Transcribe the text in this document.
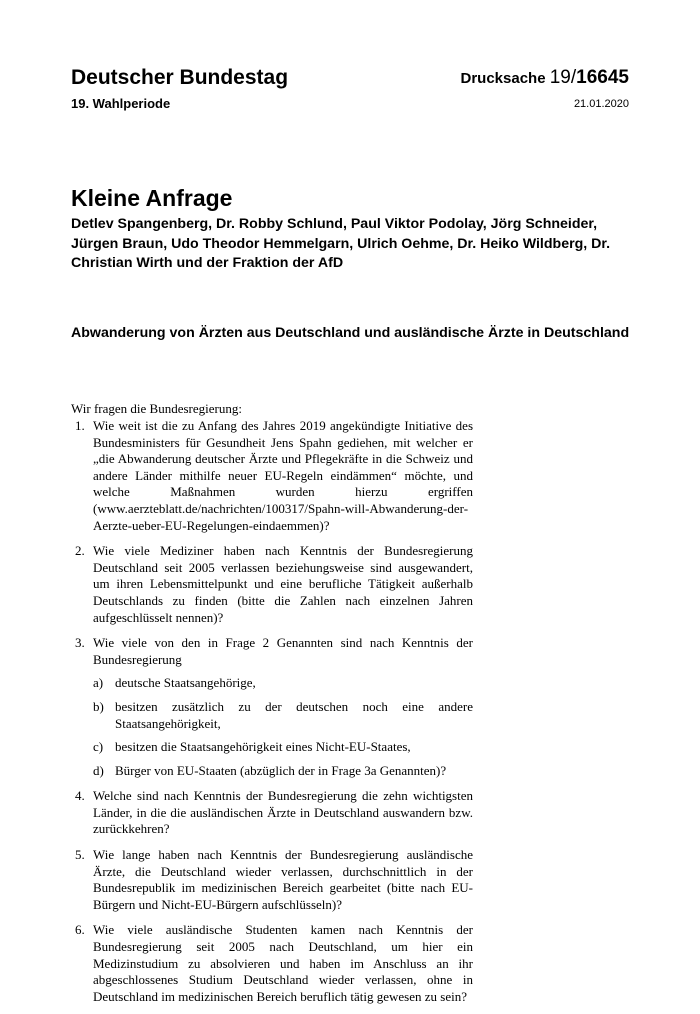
Deutscher Bundestag
19. Wahlperiode
Drucksache 19/16645
21.01.2020
Kleine Anfrage
Detlev Spangenberg, Dr. Robby Schlund, Paul Viktor Podolay, Jörg Schneider, Jürgen Braun, Udo Theodor Hemmelgarn, Ulrich Oehme, Dr. Heiko Wildberg, Dr. Christian Wirth und der Fraktion der AfD
Abwanderung von Ärzten aus Deutschland und ausländische Ärzte in Deutschland
Wir fragen die Bundesregierung:
1. Wie weit ist die zu Anfang des Jahres 2019 angekündigte Initiative des Bundesministers für Gesundheit Jens Spahn gediehen, mit welcher er „die Abwanderung deutscher Ärzte und Pflegekräfte in die Schweiz und andere Länder mithilfe neuer EU-Regeln eindämmen“ möchte, und welche Maßnahmen wurden hierzu ergriffen (www.aerzteblatt.de/nachrichten/100317/Spahn-will-Abwanderung-der-Aerzte-ueber-EU-Regelungen-eindaemmen)?
2. Wie viele Mediziner haben nach Kenntnis der Bundesregierung Deutschland seit 2005 verlassen beziehungsweise sind ausgewandert, um ihren Lebensmittelpunkt und eine berufliche Tätigkeit außerhalb Deutschlands zu finden (bitte die Zahlen nach einzelnen Jahren aufgeschlüsselt nennen)?
3. Wie viele von den in Frage 2 Genannten sind nach Kenntnis der Bundesregierung
a) deutsche Staatsangehörige,
b) besitzen zusätzlich zu der deutschen noch eine andere Staatsangehörigkeit,
c) besitzen die Staatsangehörigkeit eines Nicht-EU-Staates,
d) Bürger von EU-Staaten (abzüglich der in Frage 3a Genannten)?
4. Welche sind nach Kenntnis der Bundesregierung die zehn wichtigsten Länder, in die die ausländischen Ärzte in Deutschland auswandern bzw. zurückkehren?
5. Wie lange haben nach Kenntnis der Bundesregierung ausländische Ärzte, die Deutschland wieder verlassen, durchschnittlich in der Bundesrepublik im medizinischen Bereich gearbeitet (bitte nach EU-Bürgern und Nicht-EU-Bürgern aufschlüsseln)?
6. Wie viele ausländische Studenten kamen nach Kenntnis der Bundesregierung seit 2005 nach Deutschland, um hier ein Medizinstudium zu absolvieren und haben im Anschluss an ihr abgeschlossenes Studium Deutschland wieder verlassen, ohne in Deutschland im medizinischen Bereich beruflich tätig gewesen zu sein?
